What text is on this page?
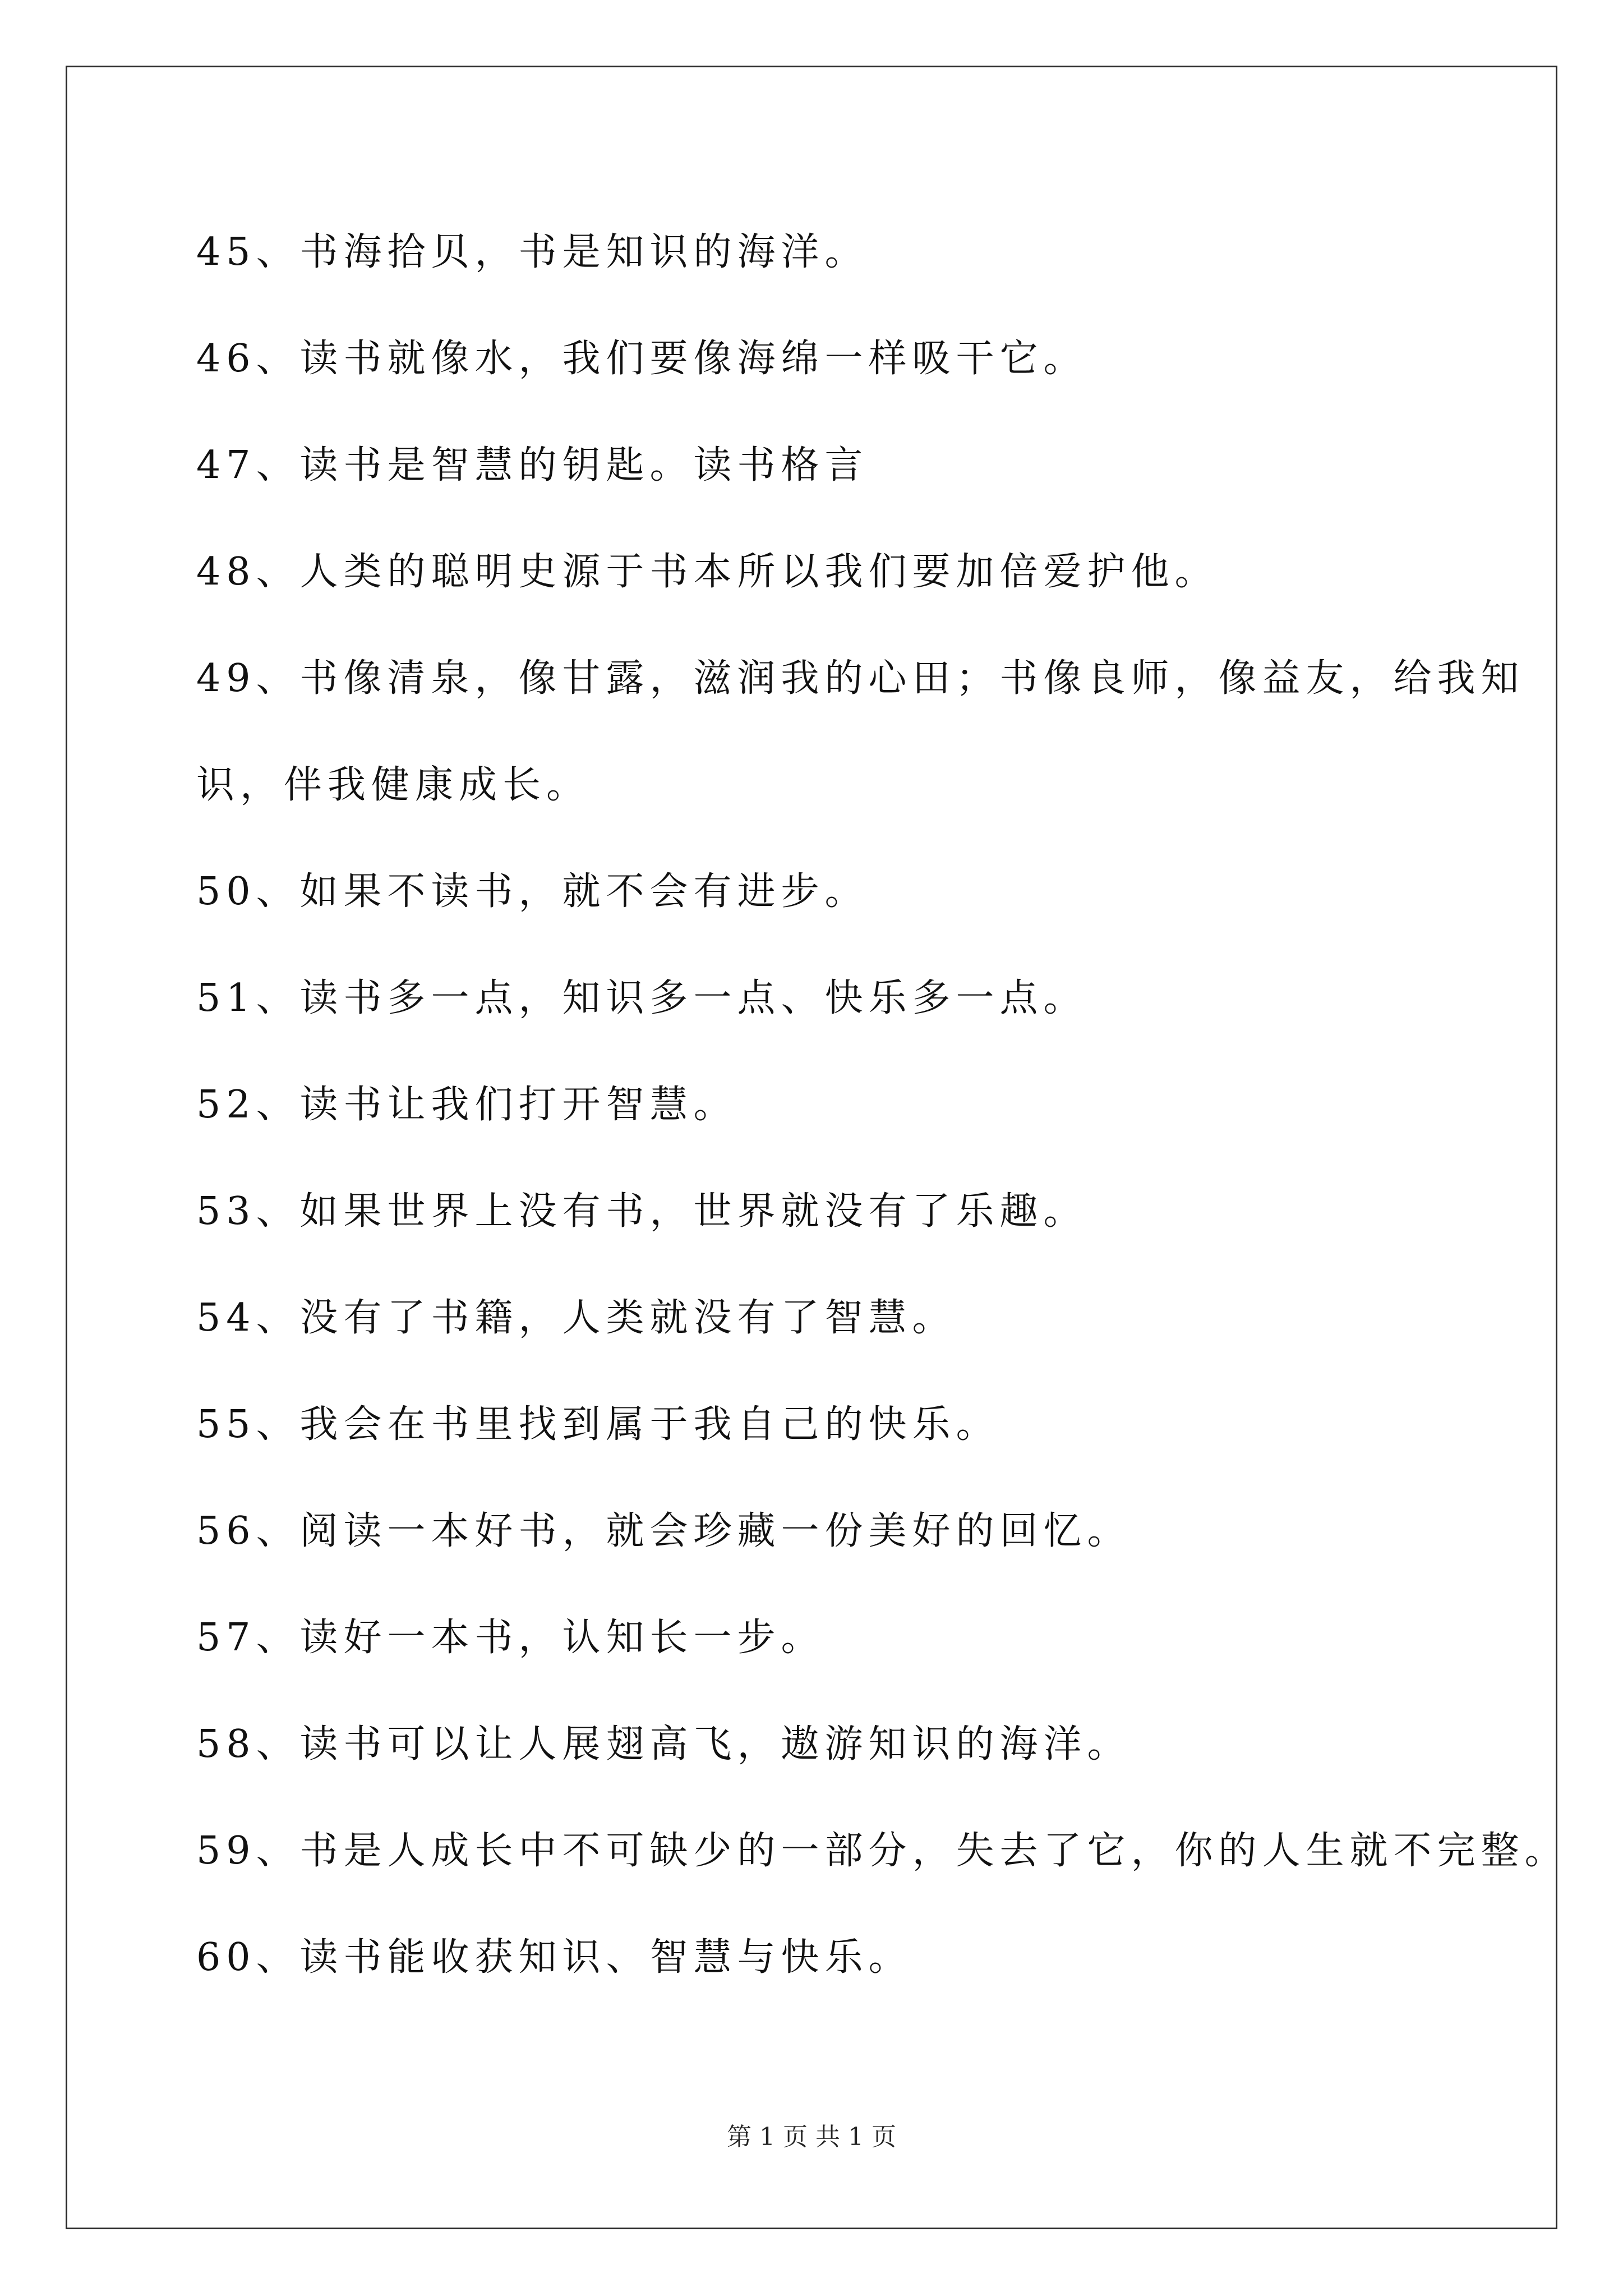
45、书海拾贝，书是知识的海洋。
46、读书就像水，我们要像海绵一样吸干它。
47、读书是智慧的钥匙。读书格言
48、人类的聪明史源于书本所以我们要加倍爱护他。
49、书像清泉，像甘露，滋润我的心田；书像良师，像益友，给我知
识，伴我健康成长。
50、如果不读书，就不会有进步。
51、读书多一点，知识多一点、快乐多一点。
52、读书让我们打开智慧。
53、如果世界上没有书，世界就没有了乐趣。
54、没有了书籍，人类就没有了智慧。
55、我会在书里找到属于我自己的快乐。
56、阅读一本好书，就会珍藏一份美好的回忆。
57、读好一本书，认知长一步。
58、读书可以让人展翅高飞，遨游知识的海洋。
59、书是人成长中不可缺少的一部分，失去了它，你的人生就不完整。
60、读书能收获知识、智慧与快乐。
第 1 页 共 1 页
